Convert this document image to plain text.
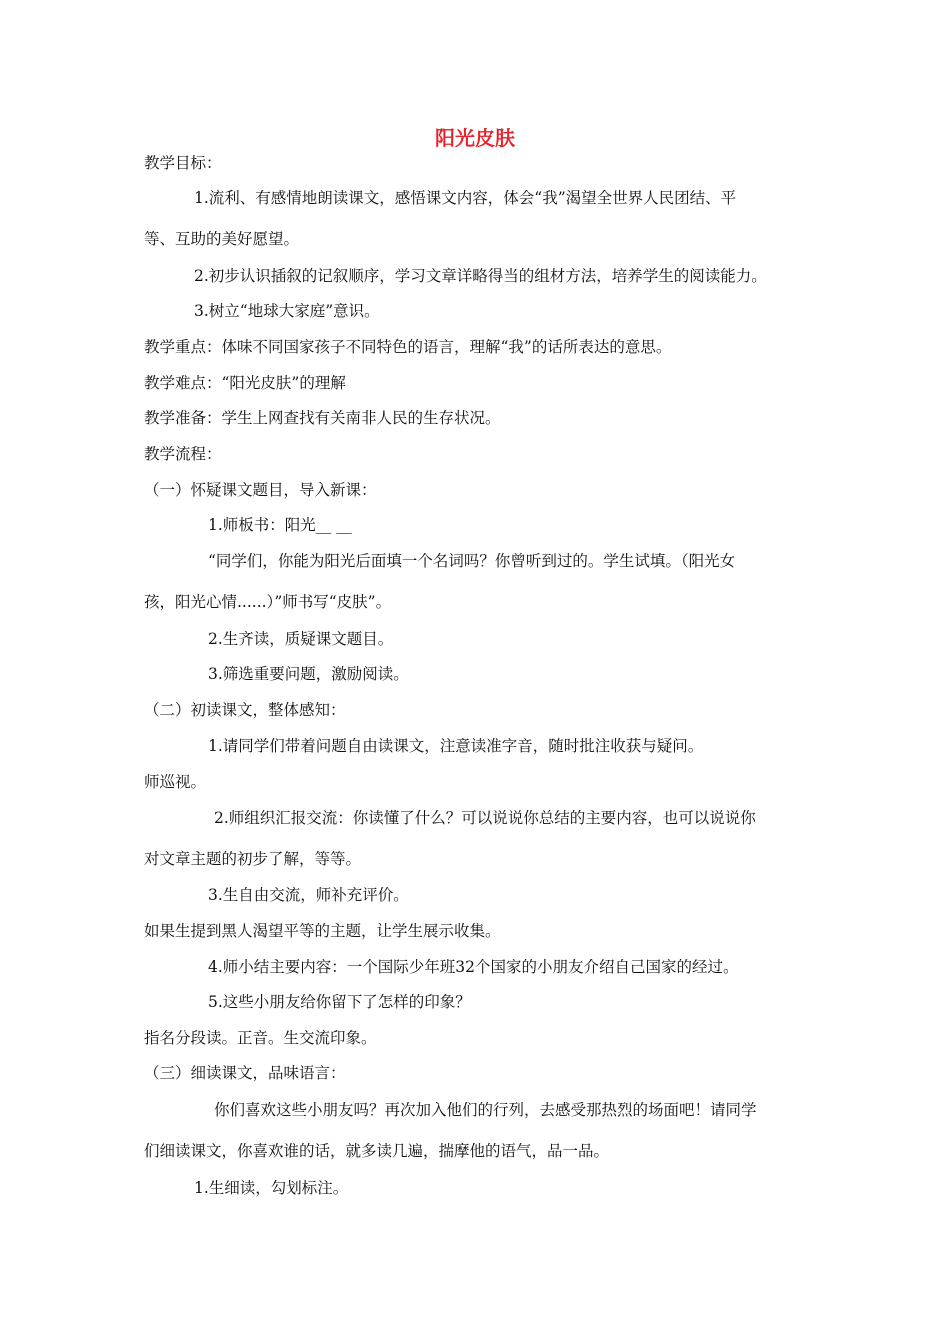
阳光皮肤
教学目标：
1.流利、有感情地朗读课文，感悟课文内容，体会“我”渴望全世界人民团结、平
等、互助的美好愿望。
2.初步认识插叙的记叙顺序，学习文章详略得当的组材方法，培养学生的阅读能力。
3.树立“地球大家庭”意识。
教学重点：体味不同国家孩子不同特色的语言，理解“我”的话所表达的意思。
教学难点：“阳光皮肤”的理解
教学准备：学生上网查找有关南非人民的生存状况。
教学流程：
（一）怀疑课文题目，导入新课：
1.师板书：阳光__ __
“同学们，你能为阳光后面填一个名词吗？你曾听到过的。学生试填。（阳光女
孩，阳光心情......）”师书写“皮肤”。
2.生齐读，质疑课文题目。
3.筛选重要问题，激励阅读。
（二）初读课文，整体感知：
1.请同学们带着问题自由读课文，注意读准字音，随时批注收获与疑问。
师巡视。
2.师组织汇报交流：你读懂了什么？可以说说你总结的主要内容，也可以说说你
对文章主题的初步了解，等等。
3.生自由交流，师补充评价。
如果生提到黑人渴望平等的主题，让学生展示收集。
4.师小结主要内容：一个国际少年班32个国家的小朋友介绍自己国家的经过。
5.这些小朋友给你留下了怎样的印象？
指名分段读。正音。生交流印象。
（三）细读课文，品味语言：
你们喜欢这些小朋友吗？再次加入他们的行列，去感受那热烈的场面吧！请同学
们细读课文，你喜欢谁的话，就多读几遍，揣摩他的语气，品一品。
1.生细读，勾划标注。
